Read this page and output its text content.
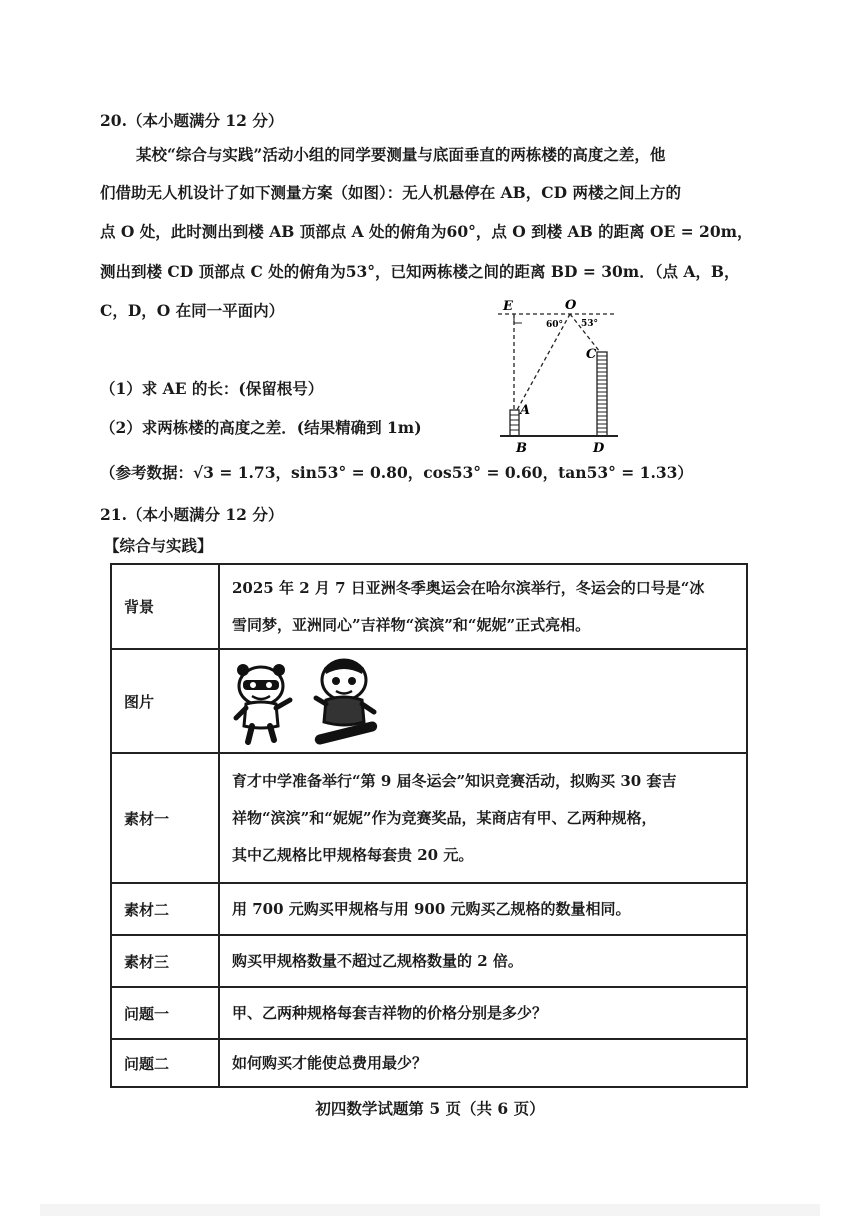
20.（本小题满分 12 分）
某校“综合与实践”活动小组的同学要测量与底面垂直的两栋楼的高度之差，他
们借助无人机设计了如下测量方案（如图）：无人机悬停在 AB，CD 两楼之间上方的
点 O 处，此时测出到楼 AB 顶部点 A 处的俯角为60°，点 O 到楼 AB 的距离 OE = 20m，
测出到楼 CD 顶部点 C 处的俯角为53°，已知两栋楼之间的距离 BD = 30m．（点 A，B，
C，D，O 在同一平面内）
（1）求 AE 的长：(保留根号）
（2）求两栋楼的高度之差．(结果精确到 1m)
（参考数据：√3 = 1.73，sin53° = 0.80，cos53° = 0.60，tan53° = 1.33）
E	O
60° 53°
C
A
B	D
21.（本小题满分 12 分）
【综合与实践】
背景	2025 年 2 月 7 日亚洲冬季奥运会在哈尔滨举行，冬运会的口号是“冰
雪同梦，亚洲同心”吉祥物“滨滨”和“妮妮”正式亮相。

图片	

素材一	育才中学准备举行“第 9 届冬运会”知识竞赛活动，拟购买 30 套吉
祥物“滨滨”和“妮妮”作为竞赛奖品，某商店有甲、乙两种规格，
其中乙规格比甲规格每套贵 20 元。

素材二	用 700 元购买甲规格与用 900 元购买乙规格的数量相同。
素材三	购买甲规格数量不超过乙规格数量的 2 倍。
问题一	甲、乙两种规格每套吉祥物的价格分别是多少？
问题二	如何购买才能使总费用最少？
初四数学试题第 5 页（共 6 页）
